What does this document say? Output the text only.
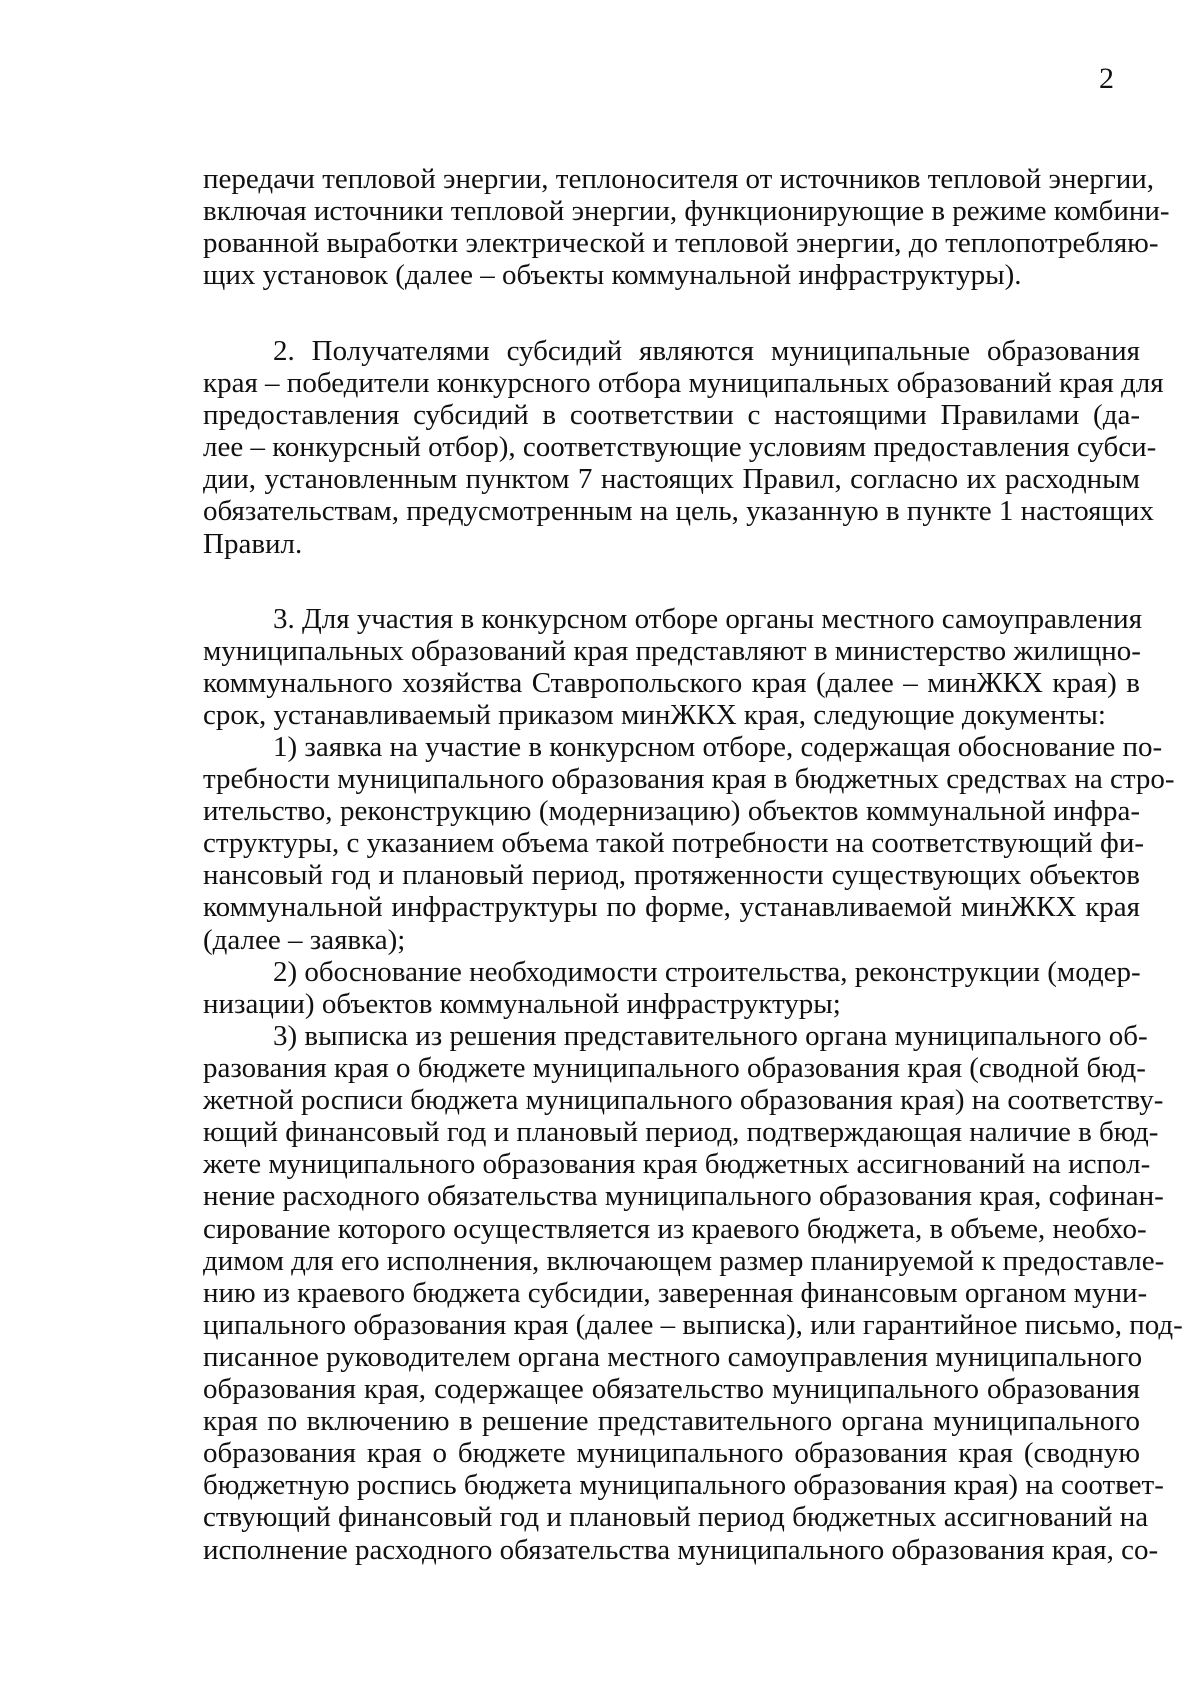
2
передачи тепловой энергии, теплоносителя от источников тепловой энергии,
включая источники тепловой энергии, функционирующие в режиме комбини-
рованной выработки электрической и тепловой энергии, до теплопотребляю-
щих установок (далее – объекты коммунальной инфраструктуры).
2. Получателями субсидий являются муниципальные образования
края – победители конкурсного отбора муниципальных образований края для
предоставления субсидий в соответствии с настоящими Правилами (да-
лее – конкурсный отбор), соответствующие условиям предоставления субси-
дии, установленным пунктом 7 настоящих Правил, согласно их расходным
обязательствам, предусмотренным на цель, указанную в пункте 1 настоящих
Правил.
3. Для участия в конкурсном отборе органы местного самоуправления
муниципальных образований края представляют в министерство жилищно-
коммунального хозяйства Ставропольского края (далее – минЖКХ края) в
срок, устанавливаемый приказом минЖКХ края, следующие документы:
1) заявка на участие в конкурсном отборе, содержащая обоснование по-
требности муниципального образования края в бюджетных средствах на стро-
ительство, реконструкцию (модернизацию) объектов коммунальной инфра-
структуры, с указанием объема такой потребности на соответствующий фи-
нансовый год и плановый период, протяженности существующих объектов
коммунальной инфраструктуры по форме, устанавливаемой минЖКХ края
(далее – заявка);
2) обоснование необходимости строительства, реконструкции (модер-
низации) объектов коммунальной инфраструктуры;
3) выписка из решения представительного органа муниципального об-
разования края о бюджете муниципального образования края (сводной бюд-
жетной росписи бюджета муниципального образования края) на соответству-
ющий финансовый год и плановый период, подтверждающая наличие в бюд-
жете муниципального образования края бюджетных ассигнований на испол-
нение расходного обязательства муниципального образования края, софинан-
сирование которого осуществляется из краевого бюджета, в объеме, необхо-
димом для его исполнения, включающем размер планируемой к предоставле-
нию из краевого бюджета субсидии, заверенная финансовым органом муни-
ципального образования края (далее – выписка), или гарантийное письмо, под-
писанное руководителем органа местного самоуправления муниципального
образования края, содержащее обязательство муниципального образования
края по включению в решение представительного органа муниципального
образования края о бюджете муниципального образования края (сводную
бюджетную роспись бюджета муниципального образования края) на соответ-
ствующий финансовый год и плановый период бюджетных ассигнований на
исполнение расходного обязательства муниципального образования края, со-
